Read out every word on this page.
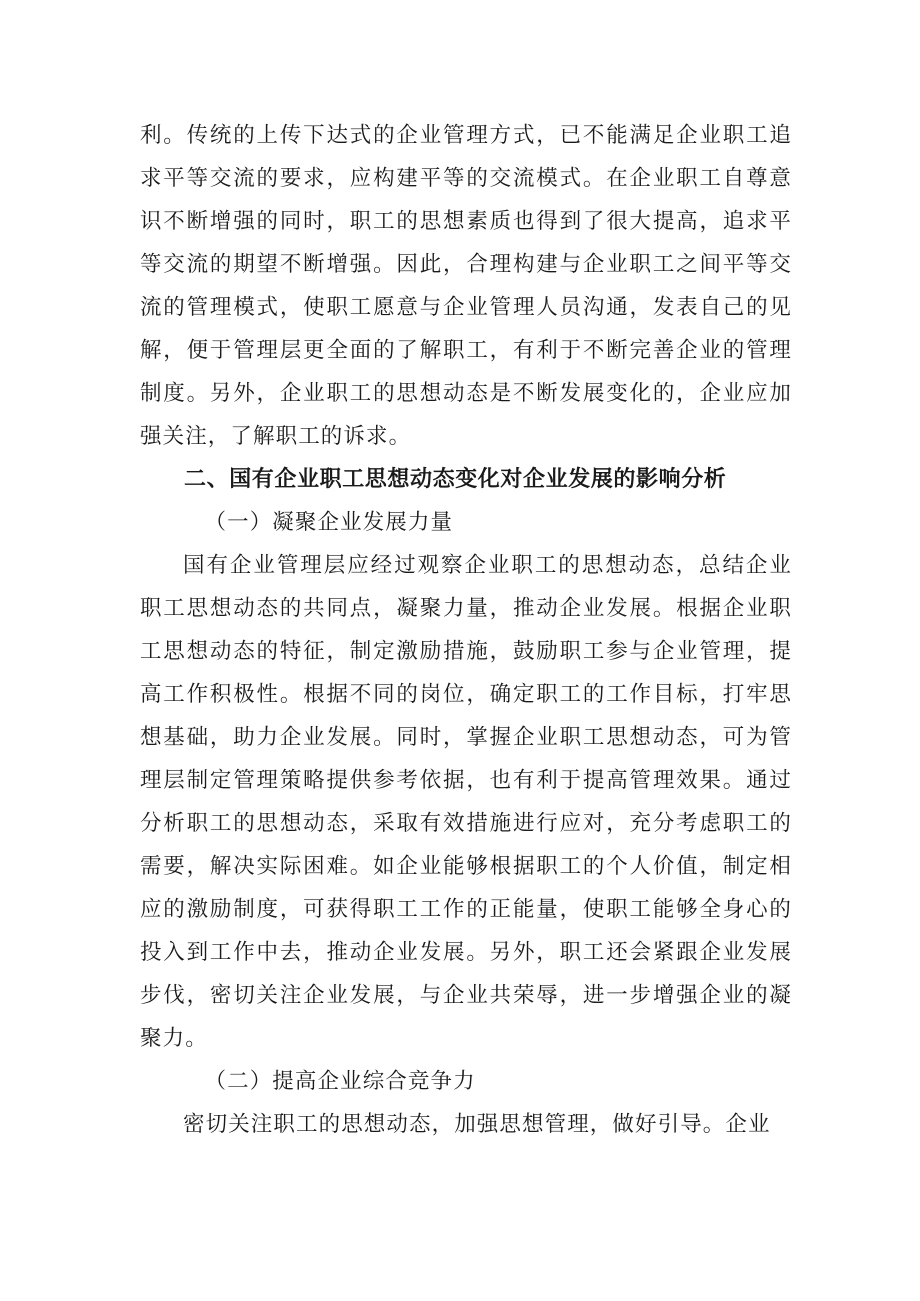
利。传统的上传下达式的企业管理方式，已不能满足企业职工追求平等交流的要求，应构建平等的交流模式。在企业职工自尊意识不断增强的同时，职工的思想素质也得到了很大提高，追求平等交流的期望不断增强。因此，合理构建与企业职工之间平等交流的管理模式，使职工愿意与企业管理人员沟通，发表自己的见解，便于管理层更全面的了解职工，有利于不断完善企业的管理制度。另外，企业职工的思想动态是不断发展变化的，企业应加强关注，了解职工的诉求。

二、国有企业职工思想动态变化对企业发展的影响分析

（一）凝聚企业发展力量

国有企业管理层应经过观察企业职工的思想动态，总结企业职工思想动态的共同点，凝聚力量，推动企业发展。根据企业职工思想动态的特征，制定激励措施，鼓励职工参与企业管理，提高工作积极性。根据不同的岗位，确定职工的工作目标，打牢思想基础，助力企业发展。同时，掌握企业职工思想动态，可为管理层制定管理策略提供参考依据，也有利于提高管理效果。通过分析职工的思想动态，采取有效措施进行应对，充分考虑职工的需要，解决实际困难。如企业能够根据职工的个人价值，制定相应的激励制度，可获得职工工作的正能量，使职工能够全身心的投入到工作中去，推动企业发展。另外，职工还会紧跟企业发展步伐，密切关注企业发展，与企业共荣辱，进一步增强企业的凝聚力。

（二）提高企业综合竞争力

密切关注职工的思想动态，加强思想管理，做好引导。企业
